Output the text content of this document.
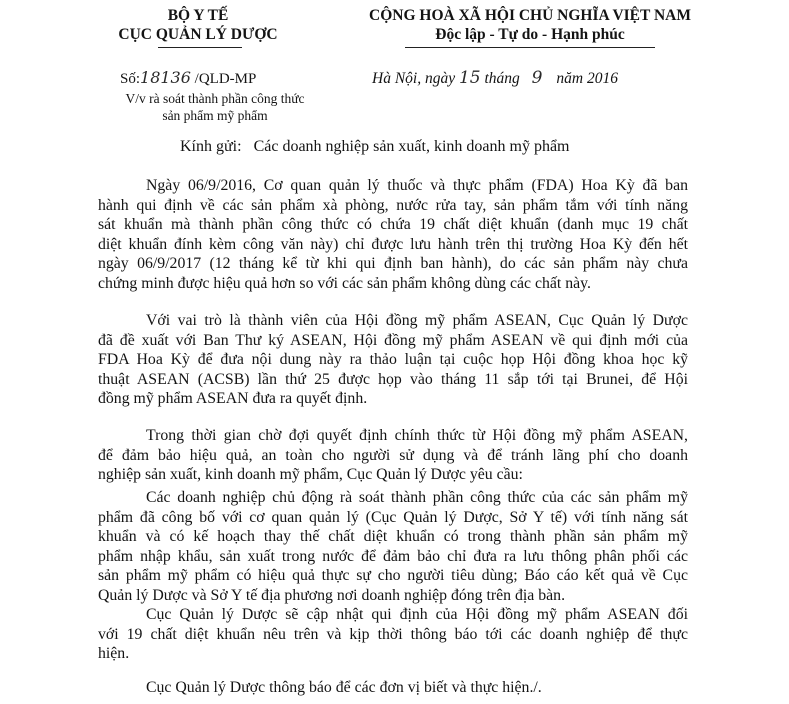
BỘ Y TẾ
CỤC QUẢN LÝ DƯỢC
CỘNG HOÀ XÃ HỘI CHỦ NGHĨA VIỆT NAM
Độc lập - Tự do - Hạnh phúc
Số:18136 /QLD-MP
V/v rà soát thành phần công thức
sản phẩm mỹ phẩm
Hà Nội, ngày 15 tháng 9 năm 2016
Kính gửi:   Các doanh nghiệp sản xuất, kinh doanh mỹ phẩm
Ngày 06/9/2016, Cơ quan quản lý thuốc và thực phẩm (FDA) Hoa Kỳ đã ban
hành qui định về các sản phẩm xà phòng, nước rửa tay, sản phẩm tắm với tính năng
sát khuẩn mà thành phần công thức có chứa 19 chất diệt khuẩn (danh mục 19 chất
diệt khuẩn đính kèm công văn này) chỉ được lưu hành trên thị trường Hoa Kỳ đến hết
ngày 06/9/2017 (12 tháng kể từ khi qui định ban hành), do các sản phẩm này chưa
chứng minh được hiệu quả hơn so với các sản phẩm không dùng các chất này.
Với vai trò là thành viên của Hội đồng mỹ phẩm ASEAN, Cục Quản lý Dược
đã đề xuất với Ban Thư ký ASEAN, Hội đồng mỹ phẩm ASEAN về qui định mới của
FDA Hoa Kỳ để đưa nội dung này ra thảo luận tại cuộc họp Hội đồng khoa học kỹ
thuật ASEAN (ACSB) lần thứ 25 được họp vào tháng 11 sắp tới tại Brunei, để Hội
đồng mỹ phẩm ASEAN đưa ra quyết định.
Trong thời gian chờ đợi quyết định chính thức từ Hội đồng mỹ phẩm ASEAN,
để đảm bảo hiệu quả, an toàn cho người sử dụng và để tránh lãng phí cho doanh
nghiệp sản xuất, kinh doanh mỹ phẩm, Cục Quản lý Dược yêu cầu:
Các doanh nghiệp chủ động rà soát thành phần công thức của các sản phẩm mỹ
phẩm đã công bố với cơ quan quản lý (Cục Quản lý Dược, Sở Y tế) với tính năng sát
khuẩn và có kế hoạch thay thế chất diệt khuẩn có trong thành phần sản phẩm mỹ
phẩm nhập khẩu, sản xuất trong nước để đảm bảo chỉ đưa ra lưu thông phân phối các
sản phẩm mỹ phẩm có hiệu quả thực sự cho người tiêu dùng; Báo cáo kết quả về Cục
Quản lý Dược và Sở Y tế địa phương nơi doanh nghiệp đóng trên địa bàn.
Cục Quản lý Dược sẽ cập nhật qui định của Hội đồng mỹ phẩm ASEAN đối
với 19 chất diệt khuẩn nêu trên và kịp thời thông báo tới các doanh nghiệp để thực
hiện.
Cục Quản lý Dược thông báo để các đơn vị biết và thực hiện./.
